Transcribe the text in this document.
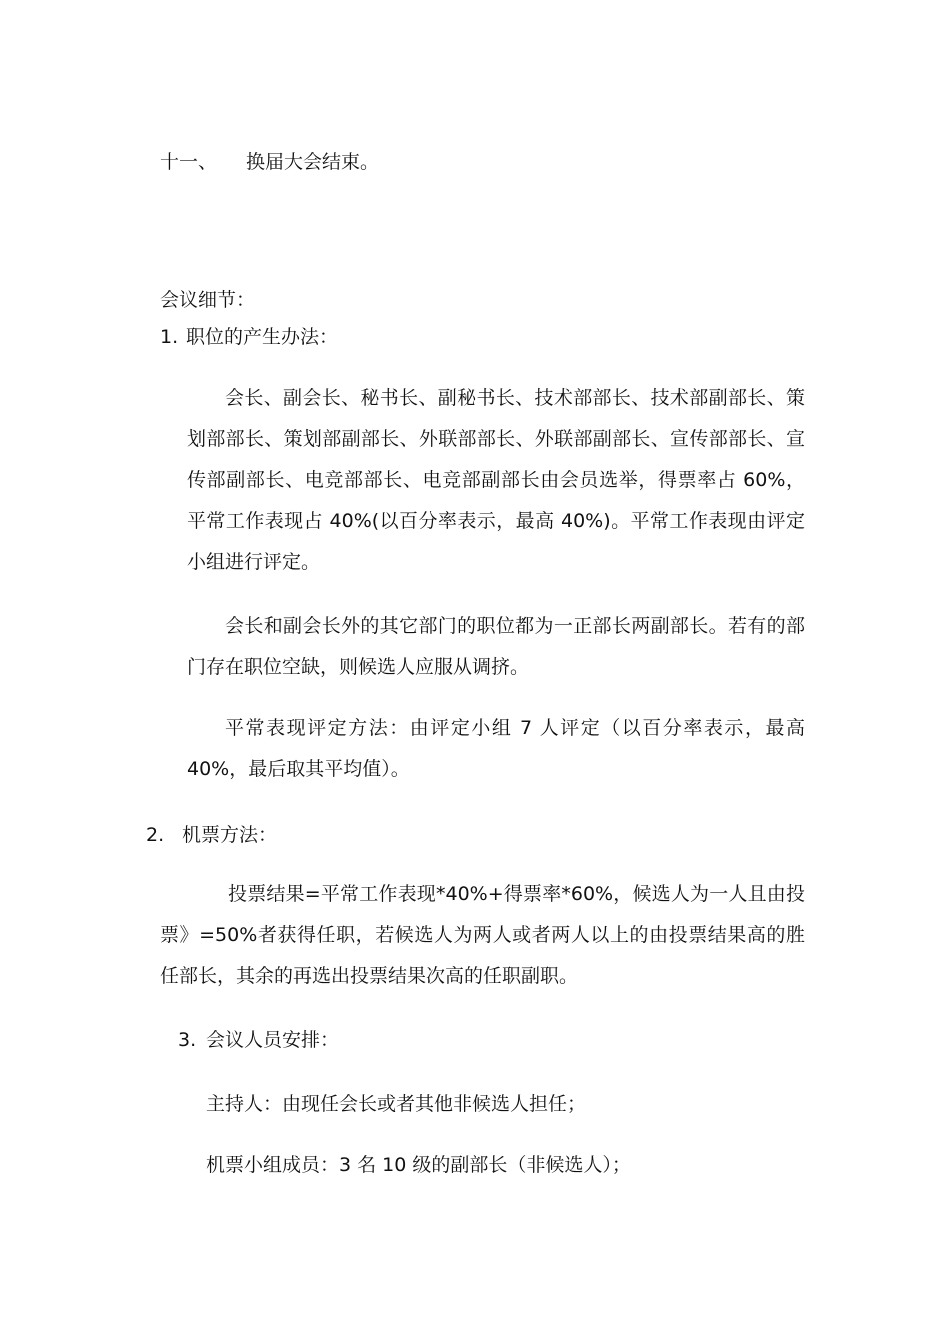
十一、 换届大会结束。
会议细节：
1. 职位的产生办法：
会长、副会长、秘书长、副秘书长、技术部部长、技术部副部长、策划部部长、策划部副部长、外联部部长、外联部副部长、宣传部部长、宣传部副部长、电竞部部长、电竞部副部长由会员选举，得票率占 60%，平常工作表现占 40%(以百分率表示，最高 40%)。平常工作表现由评定小组进行评定。
会长和副会长外的其它部门的职位都为一正部长两副部长。若有的部门存在职位空缺，则候选人应服从调挤。
平常表现评定方法：由评定小组 7 人评定（以百分率表示，最高 40%，最后取其平均值）。
2. 机票方法：
投票结果=平常工作表现*40%+得票率*60%，候选人为一人且由投票》=50%者获得任职，若候选人为两人或者两人以上的由投票结果高的胜任部长，其余的再选出投票结果次高的任职副职。
3. 会议人员安排：
主持人：由现任会长或者其他非候选人担任；
机票小组成员：3 名 10 级的副部长（非候选人）；
